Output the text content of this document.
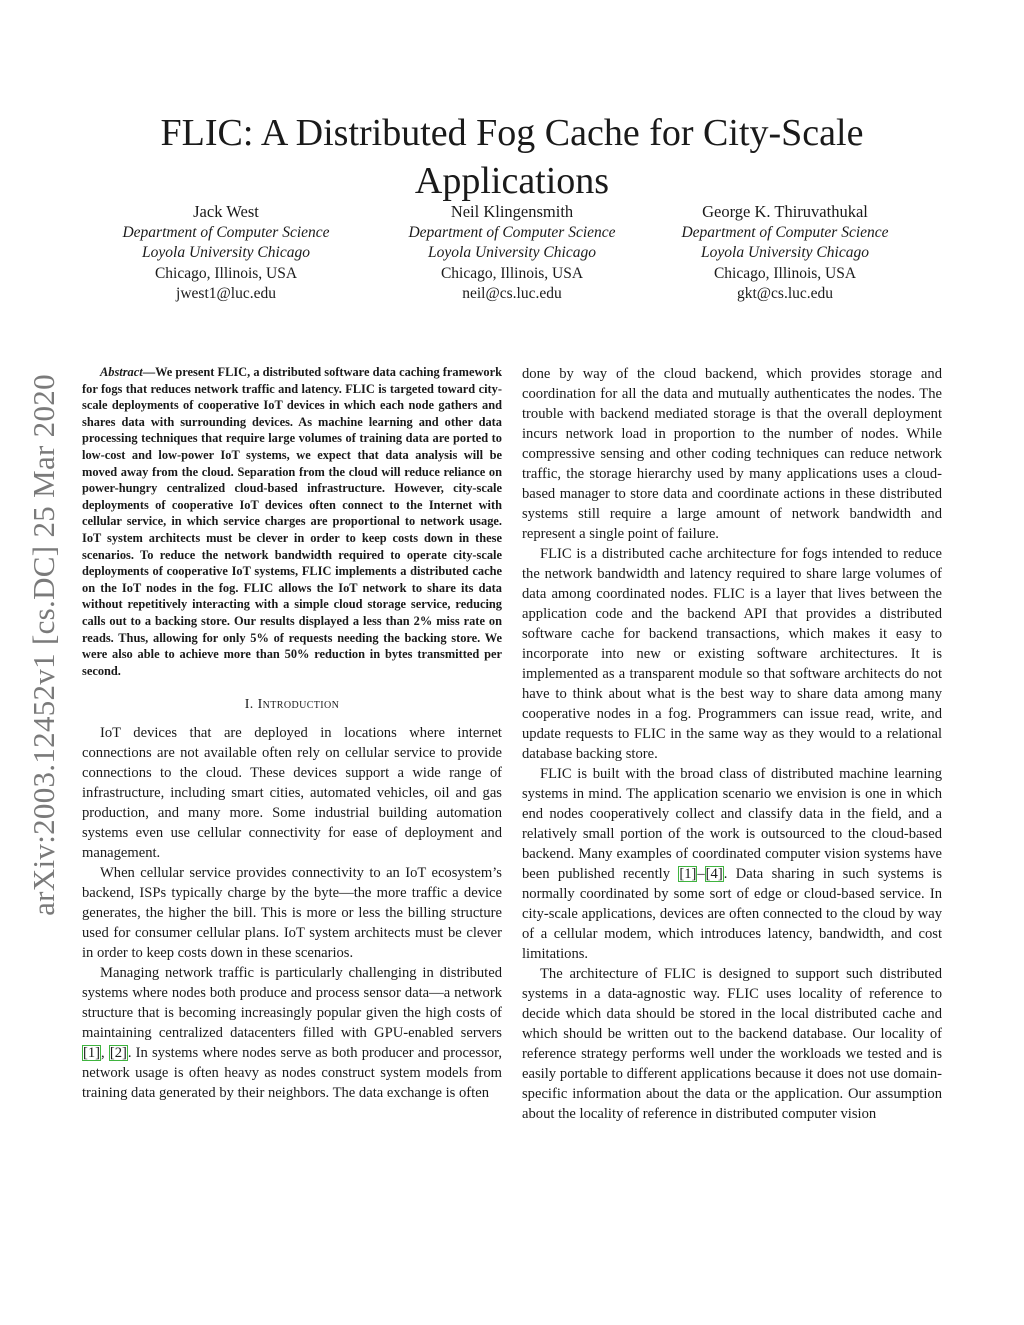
FLIC: A Distributed Fog Cache for City-Scale Applications
Jack West
Department of Computer Science
Loyola University Chicago
Chicago, Illinois, USA
jwest1@luc.edu
Neil Klingensmith
Department of Computer Science
Loyola University Chicago
Chicago, Illinois, USA
neil@cs.luc.edu
George K. Thiruvathukal
Department of Computer Science
Loyola University Chicago
Chicago, Illinois, USA
gkt@cs.luc.edu
arXiv:2003.12452v1 [cs.DC] 25 Mar 2020

Abstract—We present FLIC, a distributed software data caching framework for fogs that reduces network traffic and latency. FLIC is targeted toward city-scale deployments of cooperative IoT devices in which each node gathers and shares data with surrounding devices. As machine learning and other data processing techniques that require large volumes of training data are ported to low-cost and low-power IoT systems, we expect that data analysis will be moved away from the cloud. Separation from the cloud will reduce reliance on power-hungry centralized cloud-based infrastructure. However, city-scale deployments of cooperative IoT devices often connect to the Internet with cellular service, in which service charges are proportional to network usage. IoT system architects must be clever in order to keep costs down in these scenarios. To reduce the network bandwidth required to operate city-scale deployments of cooperative IoT systems, FLIC implements a distributed cache on the IoT nodes in the fog. FLIC allows the IoT network to share its data without repetitively interacting with a simple cloud storage service, reducing calls out to a backing store. Our results displayed a less than 2% miss rate on reads. Thus, allowing for only 5% of requests needing the backing store. We were also able to achieve more than 50% reduction in bytes transmitted per second.

I. Introduction

IoT devices that are deployed in locations where internet connections are not available often rely on cellular service to provide connections to the cloud. These devices support a wide range of infrastructure, including smart cities, automated vehicles, oil and gas production, and many more. Some industrial building automation systems even use cellular connectivity for ease of deployment and management.

When cellular service provides connectivity to an IoT ecosystem’s backend, ISPs typically charge by the byte—the more traffic a device generates, the higher the bill. This is more or less the billing structure used for consumer cellular plans. IoT system architects must be clever in order to keep costs down in these scenarios.

Managing network traffic is particularly challenging in distributed systems where nodes both produce and process sensor data—a network structure that is becoming increasingly popular given the high costs of maintaining centralized datacenters filled with GPU-enabled servers [1], [2]. In systems where nodes serve as both producer and processor, network usage is often heavy as nodes construct system models from training data generated by their neighbors. The data exchange is often

done by way of the cloud backend, which provides storage and coordination for all the data and mutually authenticates the nodes. The trouble with backend mediated storage is that the overall deployment incurs network load in proportion to the number of nodes. While compressive sensing and other coding techniques can reduce network traffic, the storage hierarchy used by many applications uses a cloud-based manager to store data and coordinate actions in these distributed systems still require a large amount of network bandwidth and represent a single point of failure.

FLIC is a distributed cache architecture for fogs intended to reduce the network bandwidth and latency required to share large volumes of data among coordinated nodes. FLIC is a layer that lives between the application code and the backend API that provides a distributed software cache for backend transactions, which makes it easy to incorporate into new or existing software architectures. It is implemented as a transparent module so that software architects do not have to think about what is the best way to share data among many cooperative nodes in a fog. Programmers can issue read, write, and update requests to FLIC in the same way as they would to a relational database backing store.

FLIC is built with the broad class of distributed machine learning systems in mind. The application scenario we envision is one in which end nodes cooperatively collect and classify data in the field, and a relatively small portion of the work is outsourced to the cloud-based backend. Many examples of coordinated computer vision systems have been published recently [1]–[4]. Data sharing in such systems is normally coordinated by some sort of edge or cloud-based service. In city-scale applications, devices are often connected to the cloud by way of a cellular modem, which introduces latency, bandwidth, and cost limitations.

The architecture of FLIC is designed to support such distributed systems in a data-agnostic way. FLIC uses locality of reference to decide which data should be stored in the local distributed cache and which should be written out to the backend database. Our locality of reference strategy performs well under the workloads we tested and is easily portable to different applications because it does not use domain-specific information about the data or the application. Our assumption about the locality of reference in distributed computer vision
